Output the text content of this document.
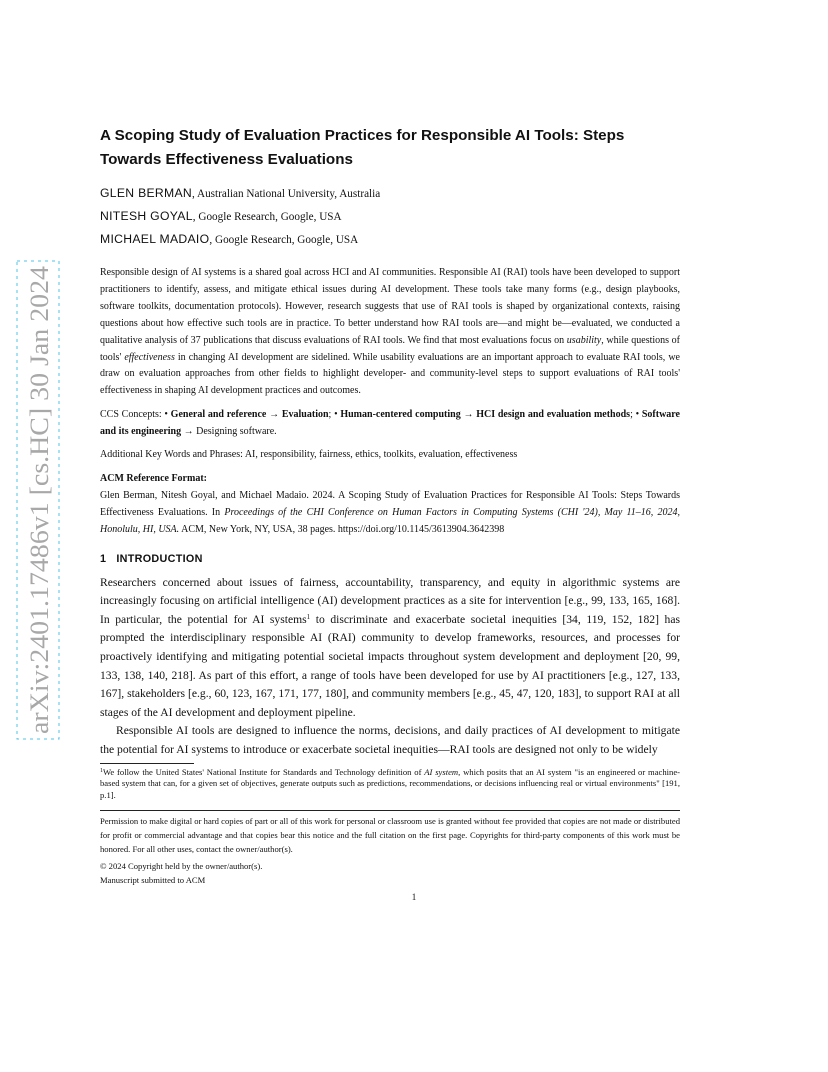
arXiv:2401.17486v1 [cs.HC] 30 Jan 2024
A Scoping Study of Evaluation Practices for Responsible AI Tools: Steps Towards Effectiveness Evaluations
GLEN BERMAN, Australian National University, Australia
NITESH GOYAL, Google Research, Google, USA
MICHAEL MADAIO, Google Research, Google, USA

Responsible design of AI systems is a shared goal across HCI and AI communities. Responsible AI (RAI) tools have been developed to support practitioners to identify, assess, and mitigate ethical issues during AI development. These tools take many forms (e.g., design playbooks, software toolkits, documentation protocols). However, research suggests that use of RAI tools is shaped by organizational contexts, raising questions about how effective such tools are in practice. To better understand how RAI tools are—and might be—evaluated, we conducted a qualitative analysis of 37 publications that discuss evaluations of RAI tools. We find that most evaluations focus on usability, while questions of tools' effectiveness in changing AI development are sidelined. While usability evaluations are an important approach to evaluate RAI tools, we draw on evaluation approaches from other fields to highlight developer- and community-level steps to support evaluations of RAI tools' effectiveness in shaping AI development practices and outcomes.

CCS Concepts: • General and reference → Evaluation; • Human-centered computing → HCI design and evaluation methods; • Software and its engineering → Designing software.

Additional Key Words and Phrases: AI, responsibility, fairness, ethics, toolkits, evaluation, effectiveness

ACM Reference Format:

Glen Berman, Nitesh Goyal, and Michael Madaio. 2024. A Scoping Study of Evaluation Practices for Responsible AI Tools: Steps Towards Effectiveness Evaluations. In Proceedings of the CHI Conference on Human Factors in Computing Systems (CHI '24), May 11–16, 2024, Honolulu, HI, USA. ACM, New York, NY, USA, 38 pages. https://doi.org/10.1145/3613904.3642398

1 INTRODUCTION

Researchers concerned about issues of fairness, accountability, transparency, and equity in algorithmic systems are increasingly focusing on artificial intelligence (AI) development practices as a site for intervention [e.g., 99, 133, 165, 168]. In particular, the potential for AI systems$^1$ to discriminate and exacerbate societal inequities [34, 119, 152, 182] has prompted the interdisciplinary responsible AI (RAI) community to develop frameworks, resources, and processes for proactively identifying and mitigating potential societal impacts throughout system development and deployment [20, 99, 133, 138, 140, 218]. As part of this effort, a range of tools have been developed for use by AI practitioners [e.g., 127, 133, 167], stakeholders [e.g., 60, 123, 167, 171, 177, 180], and community members [e.g., 45, 47, 120, 183], to support RAI at all stages of the AI development and deployment pipeline.

Responsible AI tools are designed to influence the norms, decisions, and daily practices of AI development to mitigate the potential for AI systems to introduce or exacerbate societal inequities—RAI tools are designed not only to be widely

$^1$We follow the United States' National Institute for Standards and Technology definition of AI system, which posits that an AI system "is an engineered or machine-based system that can, for a given set of objectives, generate outputs such as predictions, recommendations, or decisions influencing real or virtual environments" [191, p.1].

Permission to make digital or hard copies of part or all of this work for personal or classroom use is granted without fee provided that copies are not made or distributed for profit or commercial advantage and that copies bear this notice and the full citation on the first page. Copyrights for third-party components of this work must be honored. For all other uses, contact the owner/author(s).

© 2024 Copyright held by the owner/author(s).

Manuscript submitted to ACM

1
